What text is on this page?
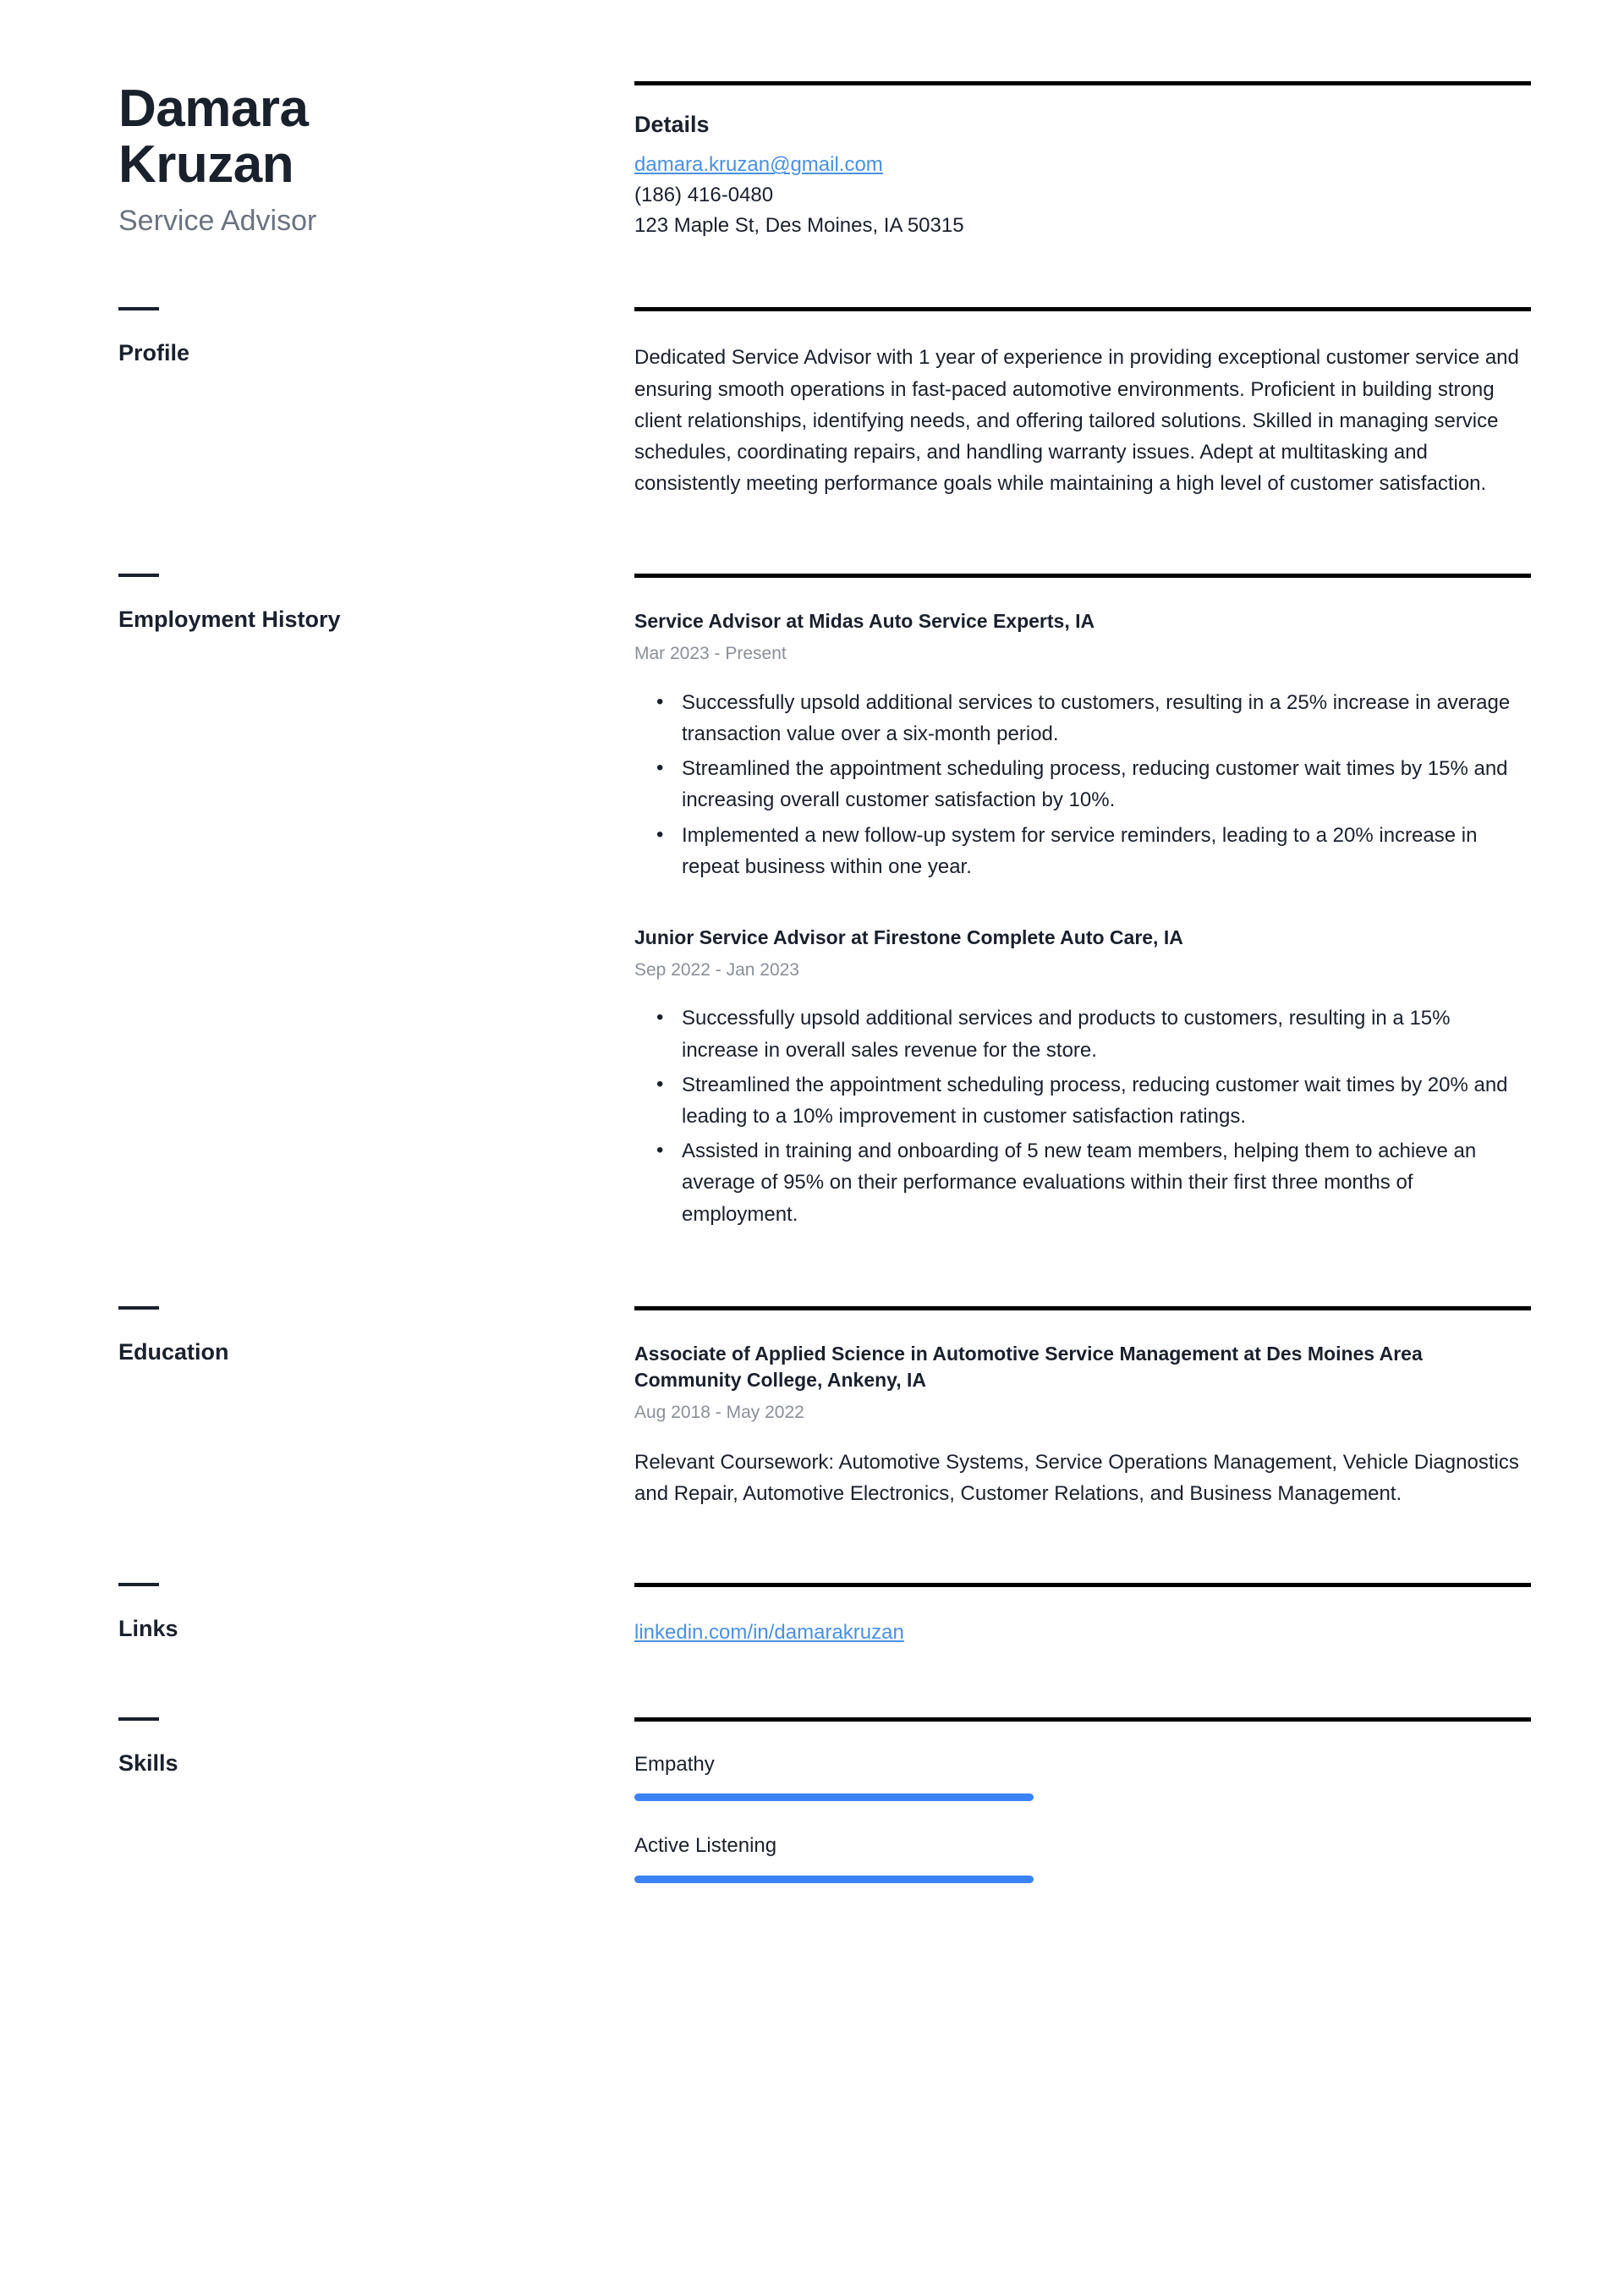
Damara
Kruzan
Service Advisor
Details
damara.kruzan@gmail.com
(186) 416-0480
123 Maple St, Des Moines, IA 50315
Profile	Dedicated Service Advisor with 1 year of experience in providing exceptional customer service and ensuring smooth operations in fast-paced automotive environments. Proficient in building strong client relationships, identifying needs, and offering tailored solutions. Skilled in managing service schedules, coordinating repairs, and handling warranty issues. Adept at multitasking and consistently meeting performance goals while maintaining a high level of customer satisfaction.

Employment History	Service Advisor at Midas Auto Service Experts, IA
Mar 2023 - Present
• Successfully upsold additional services to customers, resulting in a 25% increase in average transaction value over a six-month period.
• Streamlined the appointment scheduling process, reducing customer wait times by 15% and increasing overall customer satisfaction by 10%.
• Implemented a new follow-up system for service reminders, leading to a 20% increase in repeat business within one year.
Junior Service Advisor at Firestone Complete Auto Care, IA
Sep 2022 - Jan 2023
• Successfully upsold additional services and products to customers, resulting in a 15% increase in overall sales revenue for the store.
• Streamlined the appointment scheduling process, reducing customer wait times by 20% and leading to a 10% improvement in customer satisfaction ratings.
• Assisted in training and onboarding of 5 new team members, helping them to achieve an average of 95% on their performance evaluations within their first three months of employment.
Education	Associate of Applied Science in Automotive Service Management at Des Moines Area Community College, Ankeny, IA
Aug 2018 - May 2022

Relevant Coursework: Automotive Systems, Service Operations Management, Vehicle Diagnostics and Repair, Automotive Electronics, Customer Relations, and Business Management.

Links	linkedin.com/in/damarakruzan
Skills	Empathy
Active Listening
